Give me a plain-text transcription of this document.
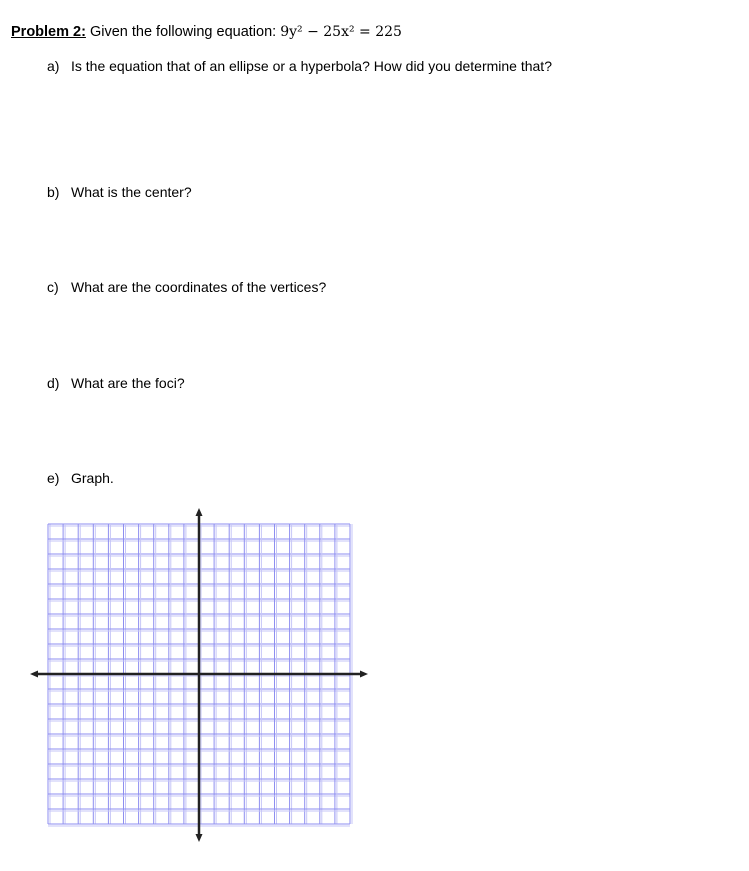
Problem 2: Given the following equation: 9y² − 25x² = 225
a) Is the equation that of an ellipse or a hyperbola? How did you determine that?
b) What is the center?
c) What are the coordinates of the vertices?
d) What are the foci?
e) Graph.
